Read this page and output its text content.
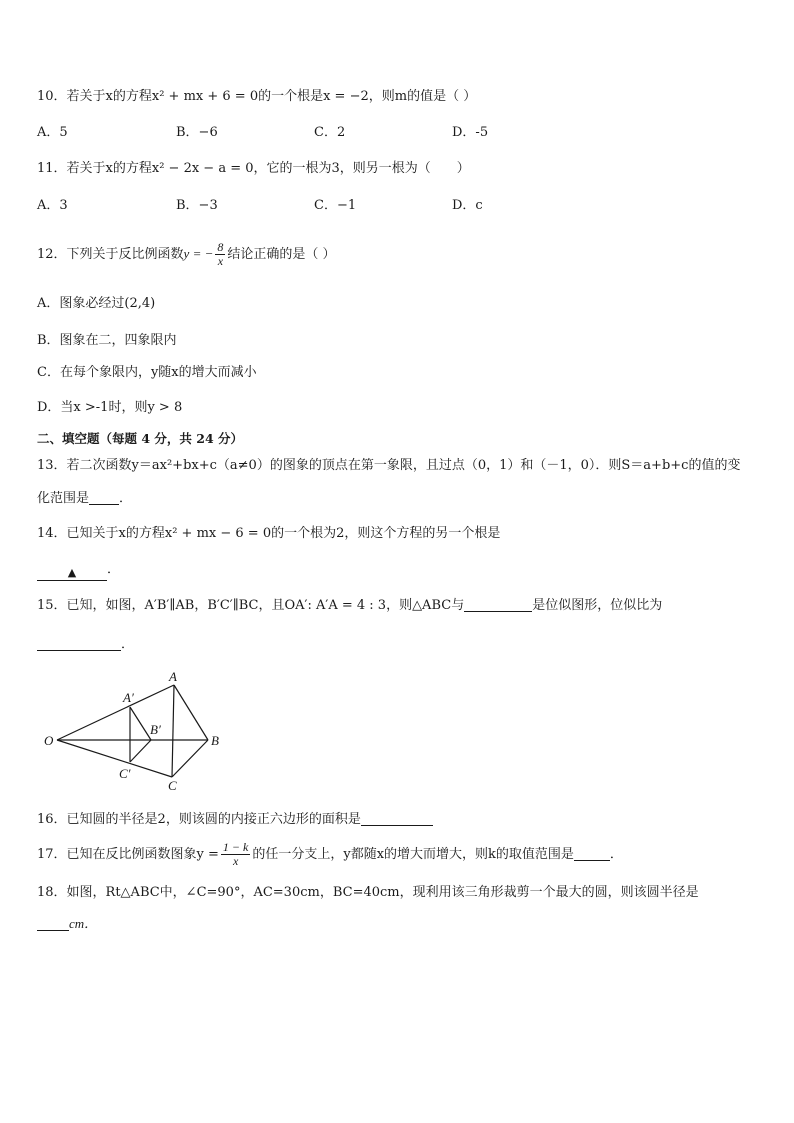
10．若关于x的方程x² + mx + 6 = 0的一个根是x = −2，则m的值是（ ）
A．5	B．−6	C．2	D．-5
11．若关于x的方程x² − 2x − a = 0，它的一根为3，则另一根为（　　）
A．3	B．−3	C．−1	D．c
12．下列关于反比例函数y = − $\frac{8}{x}$ 结论正确的是（ ）
A．图象必经过(2,4)
B．图象在二，四象限内
C．在每个象限内，y随x的增大而减小
D．当x >-1时，则y > 8
二、填空题（每题 4 分，共 24 分）
13．若二次函数y＝ax²+bx+c（a≠0）的图象的顶点在第一象限，且过点（0，1）和（－1，0）．则S＝a+b+c的值的变
化范围是 ．
14．已知关于x的方程x² + mx − 6 = 0的一个根为2，则这个方程的另一个根是
▲ ．
15．已知，如图，A′B′∥AB，B′C′∥BC，且OA′: A′A = 4 : 3，则△ABC与	是位似图形，位似比为
．
O
A
B
C
A′
B′
C′
16．已知圆的半径是2，则该圆的内接正六边形的面积是
17．已知在反比例函数图象$y = \frac{1 - k}{x}$ 的任一分支上，y都随x的增大而增大，则k的取值范围是	．
18．如图，Rt△ABC中，∠C=90°，AC=30cm，BC=40cm，现利用该三角形裁剪一个最大的圆，则该圆半径是
cm．
